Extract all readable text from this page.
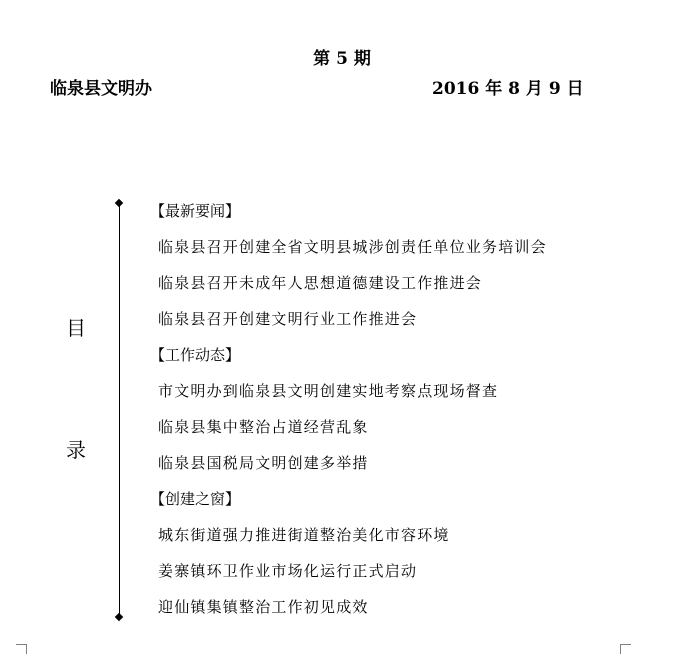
第 5 期
临泉县文明办	2016 年 8 月 9 日
目
录
【最新要闻】
临泉县召开创建全省文明县城涉创责任单位业务培训会
临泉县召开未成年人思想道德建设工作推进会
临泉县召开创建文明行业工作推进会
【工作动态】
市文明办到临泉县文明创建实地考察点现场督查
临泉县集中整治占道经营乱象
临泉县国税局文明创建多举措
【创建之窗】
城东街道强力推进街道整治美化市容环境
姜寨镇环卫作业市场化运行正式启动
迎仙镇集镇整治工作初见成效
